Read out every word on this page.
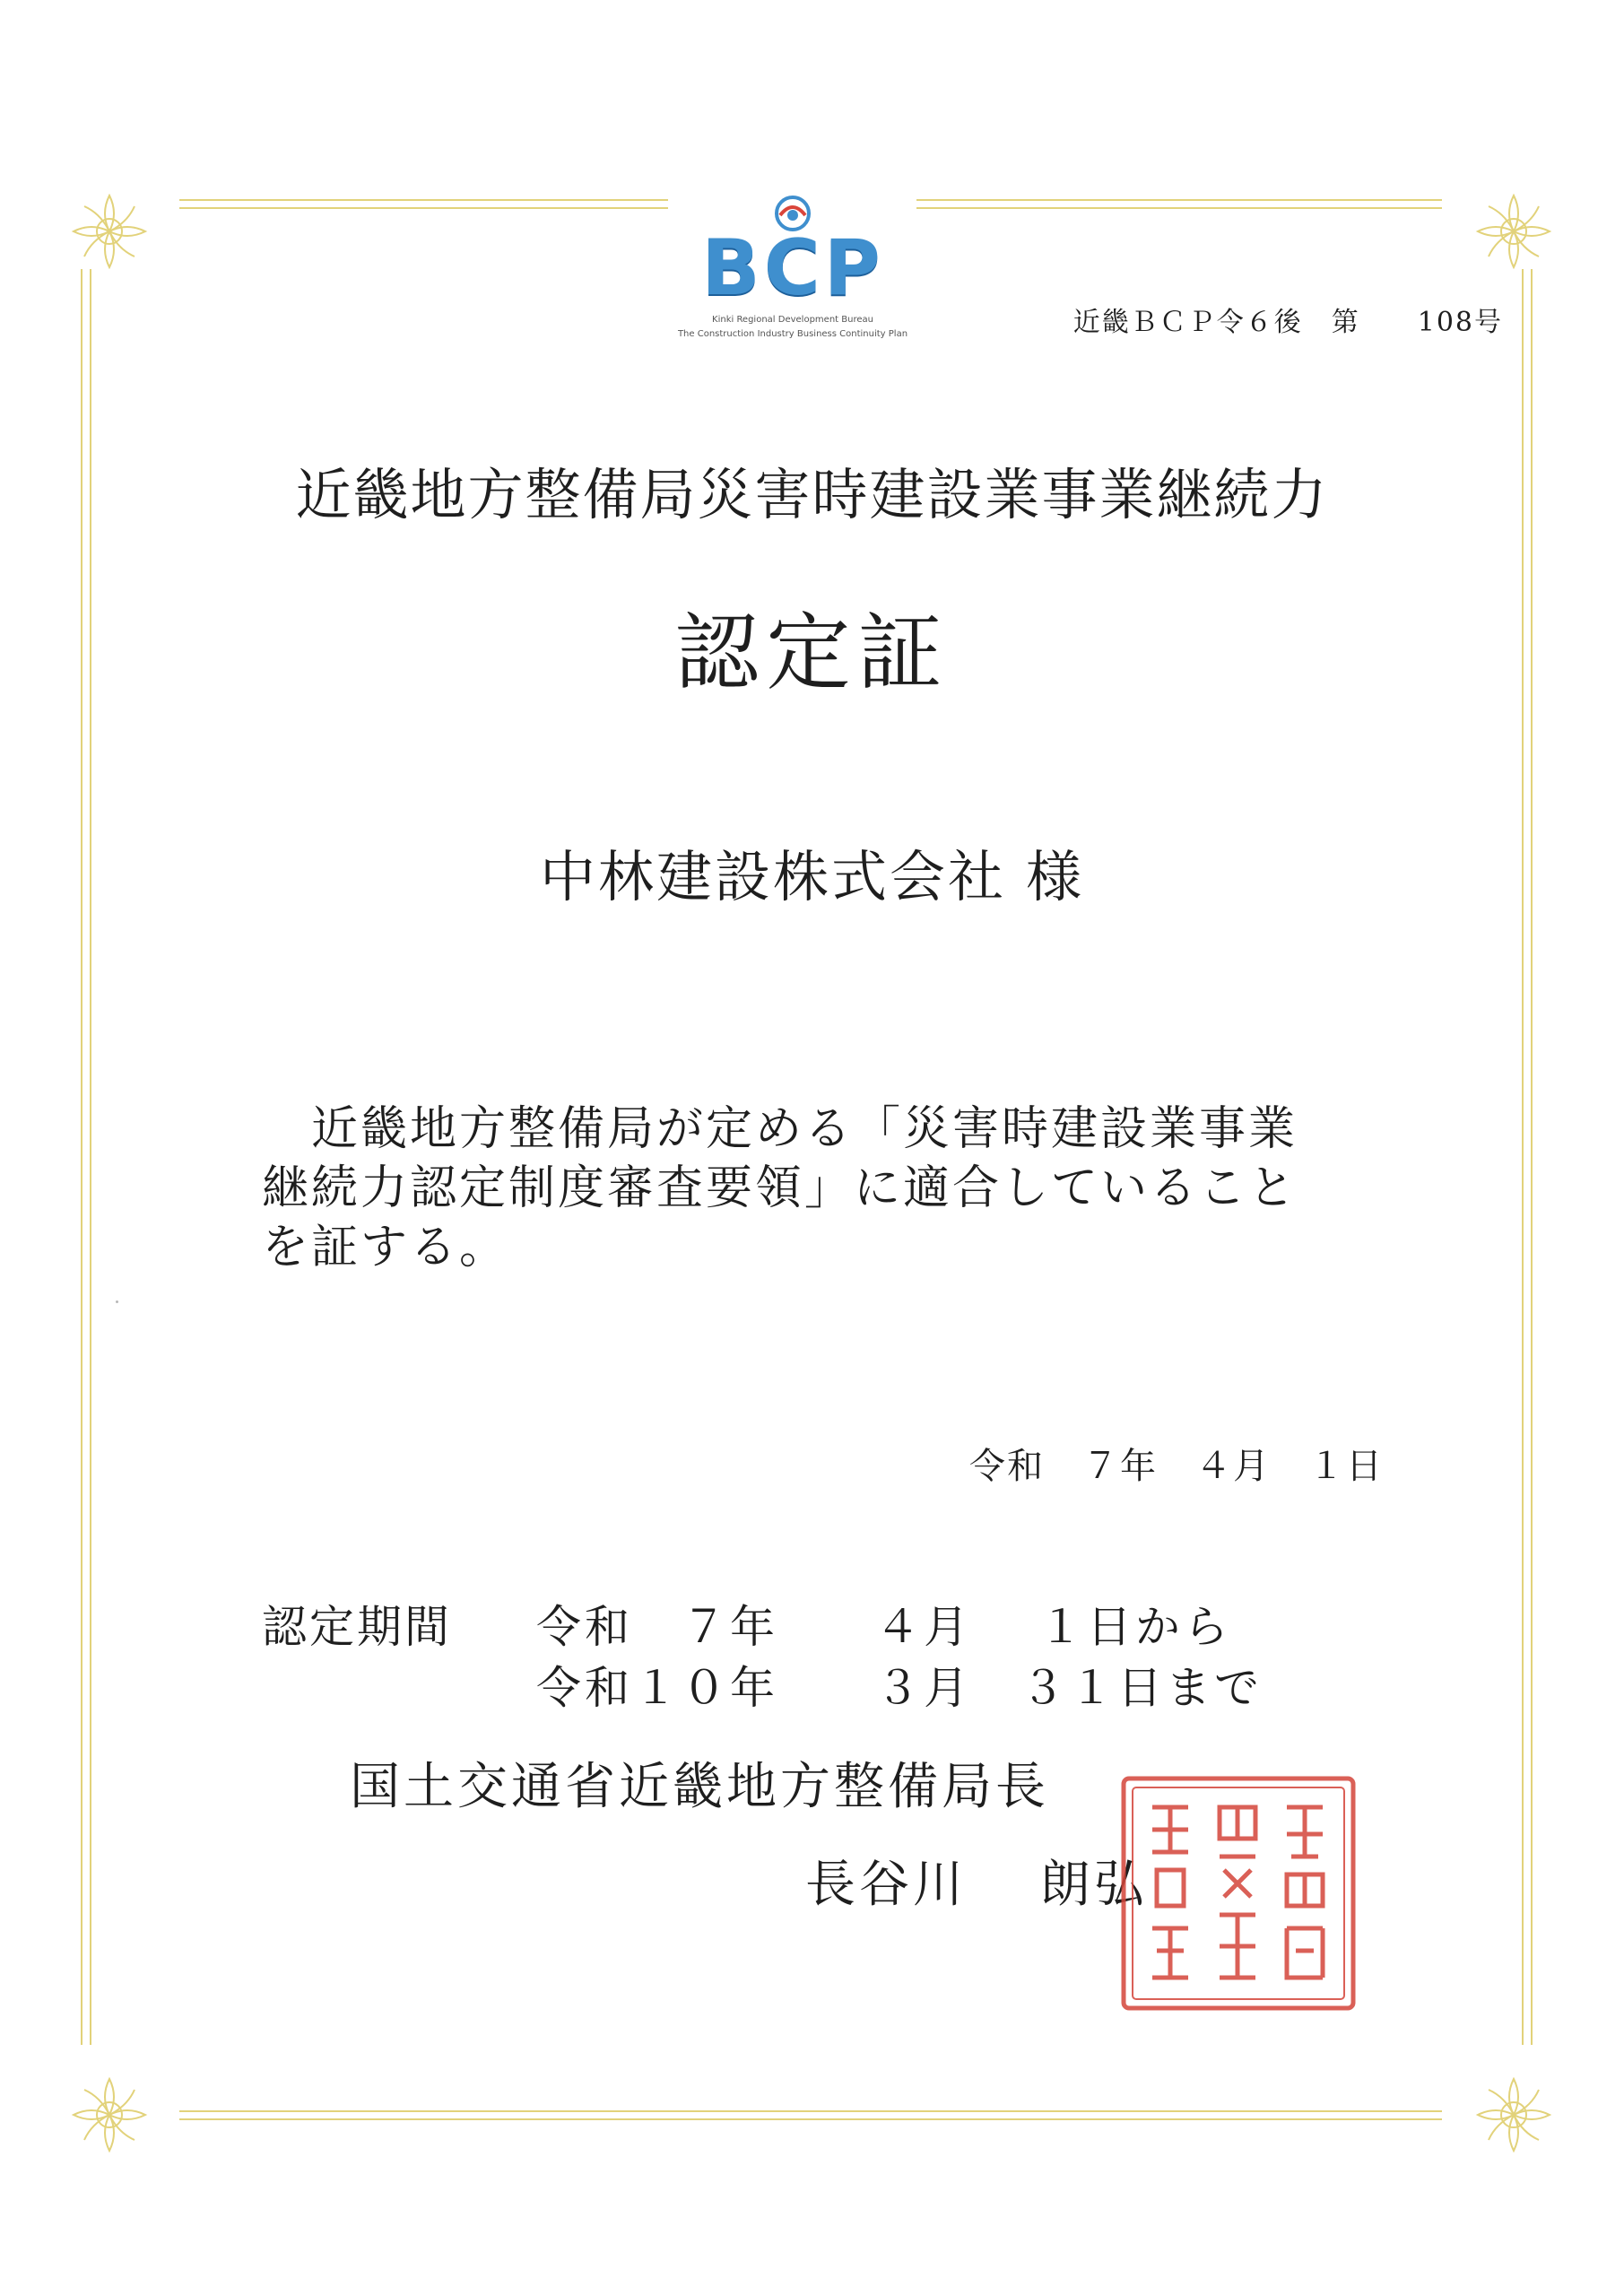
BCP
Kinki Regional Development Bureau
The Construction Industry Business Continuity Plan	近畿ＢＣＰ令６後　第　　108号
近畿地方整備局災害時建設業事業継続力
認定証
中林建設株式会社 様
　近畿地方整備局が定める「災害時建設業事業
継続力認定制度審査要領」に適合していること
を証する。
令和　７年　４月　１日
認定期間 令和　７年　　４月　 １日から
令和１０年　　３月　３１日まで
国土交通省近畿地方整備局長
長谷川　 朗弘
